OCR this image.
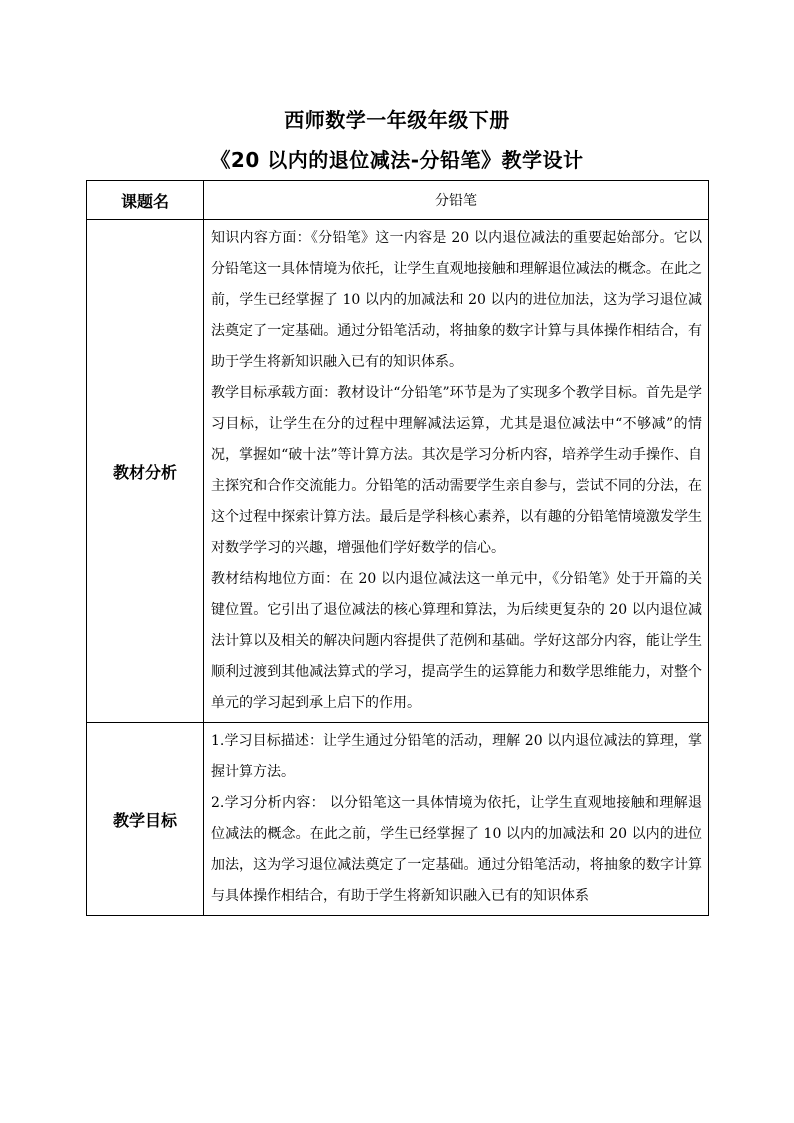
西师数学一年级年级下册
《20 以内的退位减法-分铅笔》教学设计
课题名	分铅笔
教材分析	知识内容方面：《分铅笔》这一内容是 20 以内退位减法的重要起始部分。它以分铅笔这一具体情境为依托，让学生直观地接触和理解退位减法的概念。在此之前，学生已经掌握了 10 以内的加减法和 20 以内的进位加法，这为学习退位减法奠定了一定基础。通过分铅笔活动，将抽象的数字计算与具体操作相结合，有助于学生将新知识融入已有的知识体系。

教学目标承载方面：教材设计“分铅笔”环节是为了实现多个教学目标。首先是学习目标，让学生在分的过程中理解减法运算，尤其是退位减法中“不够减”的情况，掌握如“破十法”等计算方法。其次是学习分析内容，培养学生动手操作、自主探究和合作交流能力。分铅笔的活动需要学生亲自参与，尝试不同的分法，在这个过程中探索计算方法。最后是学科核心素养，以有趣的分铅笔情境激发学生对数学学习的兴趣，增强他们学好数学的信心。

教材结构地位方面：在 20 以内退位减法这一单元中，《分铅笔》处于开篇的关键位置。它引出了退位减法的核心算理和算法，为后续更复杂的 20 以内退位减法计算以及相关的解决问题内容提供了范例和基础。学好这部分内容，能让学生顺利过渡到其他减法算式的学习，提高学生的运算能力和数学思维能力，对整个单元的学习起到承上启下的作用。

教学目标	1.学习目标描述：让学生通过分铅笔的活动，理解 20 以内退位减法的算理，掌握计算方法。

2.学习分析内容： 以分铅笔这一具体情境为依托，让学生直观地接触和理解退位减法的概念。在此之前，学生已经掌握了 10 以内的加减法和 20 以内的进位加法，这为学习退位减法奠定了一定基础。通过分铅笔活动，将抽象的数字计算与具体操作相结合，有助于学生将新知识融入已有的知识体系
